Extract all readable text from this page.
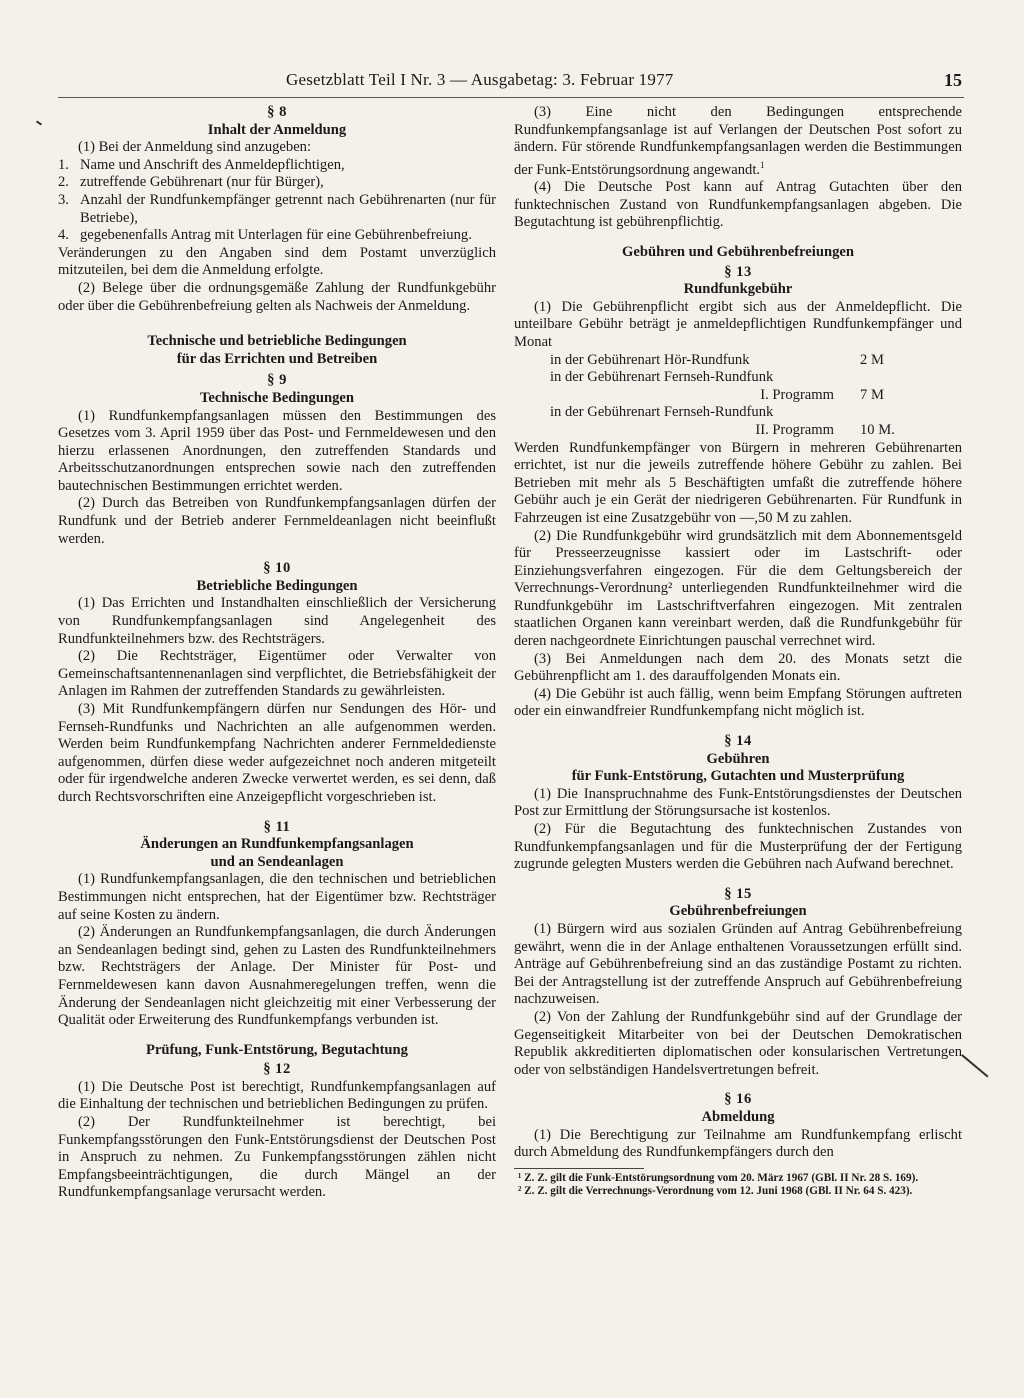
Gesetzblatt Teil I Nr. 3 — Ausgabetag: 3. Februar 1977	15
§ 8
Inhalt der Anmeldung

(1) Bei der Anmeldung sind anzugeben:

1. Name und Anschrift des Anmeldepflichtigen,
2. zutreffende Gebührenart (nur für Bürger),
3. Anzahl der Rundfunkempfänger getrennt nach Gebührenarten (nur für Betriebe),
4. gegebenenfalls Antrag mit Unterlagen für eine Gebührenbefreiung.

Veränderungen zu den Angaben sind dem Postamt unverzüglich mitzuteilen, bei dem die Anmeldung erfolgte.

(2) Belege über die ordnungsgemäße Zahlung der Rundfunkgebühr oder über die Gebührenbefreiung gelten als Nachweis der Anmeldung.

Technische und betriebliche Bedingungen
für das Errichten und Betreiben
§ 9
Technische Bedingungen

(1) Rundfunkempfangsanlagen müssen den Bestimmungen des Gesetzes vom 3. April 1959 über das Post- und Fernmeldewesen und den hierzu erlassenen Anordnungen, den zutreffenden Standards und Arbeitsschutzanordnungen entsprechen sowie nach den zutreffenden bautechnischen Bestimmungen errichtet werden.

(2) Durch das Betreiben von Rundfunkempfangsanlagen dürfen der Rundfunk und der Betrieb anderer Fernmeldeanlagen nicht beeinflußt werden.

§ 10
Betriebliche Bedingungen

(1) Das Errichten und Instandhalten einschließlich der Versicherung von Rundfunkempfangsanlagen sind Angelegenheit des Rundfunkteilnehmers bzw. des Rechtsträgers.

(2) Die Rechtsträger, Eigentümer oder Verwalter von Gemeinschaftsantennenanlagen sind verpflichtet, die Betriebsfähigkeit der Anlagen im Rahmen der zutreffenden Standards zu gewährleisten.

(3) Mit Rundfunkempfängern dürfen nur Sendungen des Hör- und Fernseh-Rundfunks und Nachrichten an alle aufgenommen werden. Werden beim Rundfunkempfang Nachrichten anderer Fernmeldedienste aufgenommen, dürfen diese weder aufgezeichnet noch anderen mitgeteilt oder für irgendwelche anderen Zwecke verwertet werden, es sei denn, daß durch Rechtsvorschriften eine Anzeigepflicht vorgeschrieben ist.

§ 11
Änderungen an Rundfunkempfangsanlagen
und an Sendeanlagen

(1) Rundfunkempfangsanlagen, die den technischen und betrieblichen Bestimmungen nicht entsprechen, hat der Eigentümer bzw. Rechtsträger auf seine Kosten zu ändern.

(2) Änderungen an Rundfunkempfangsanlagen, die durch Änderungen an Sendeanlagen bedingt sind, gehen zu Lasten des Rundfunkteilnehmers bzw. Rechtsträgers der Anlage. Der Minister für Post- und Fernmeldewesen kann davon Ausnahmeregelungen treffen, wenn die Änderung der Sendeanlagen nicht gleichzeitig mit einer Verbesserung der Qualität oder Erweiterung des Rundfunkempfangs verbunden ist.

Prüfung, Funk-Entstörung, Begutachtung
§ 12

(1) Die Deutsche Post ist berechtigt, Rundfunkempfangsanlagen auf die Einhaltung der technischen und betrieblichen Bedingungen zu prüfen.

(2) Der Rundfunkteilnehmer ist berechtigt, bei Funkempfangsstörungen den Funk-Entstörungsdienst der Deutschen Post in Anspruch zu nehmen. Zu Funkempfangsstörungen zählen nicht Empfangsbeeinträchtigungen, die durch Mängel an der Rundfunkempfangsanlage verursacht werden.

(3) Eine nicht den Bedingungen entsprechende Rundfunkempfangsanlage ist auf Verlangen der Deutschen Post sofort zu ändern. Für störende Rundfunkempfangsanlagen werden die Bestimmungen der Funk-Entstörungsordnung angewandt.$^1$

(4) Die Deutsche Post kann auf Antrag Gutachten über den funktechnischen Zustand von Rundfunkempfangsanlagen abgeben. Die Begutachtung ist gebührenpflichtig.

Gebühren und Gebührenbefreiungen
§ 13
Rundfunkgebühr

(1) Die Gebührenpflicht ergibt sich aus der Anmeldepflicht. Die unteilbare Gebühr beträgt je anmeldepflichtigen Rundfunkempfänger und Monat

in der Gebührenart Hör-Rundfunk	2 M
in der Gebührenart Fernseh-Rundfunk
I. Programm 7 M
in der Gebührenart Fernseh-Rundfunk
II. Programm 10 M.

Werden Rundfunkempfänger von Bürgern in mehreren Gebührenarten errichtet, ist nur die jeweils zutreffende höhere Gebühr zu zahlen. Bei Betrieben mit mehr als 5 Beschäftigten umfaßt die zutreffende höhere Gebühr auch je ein Gerät der niedrigeren Gebührenarten. Für Rundfunk in Fahrzeugen ist eine Zusatzgebühr von —,50 M zu zahlen.

(2) Die Rundfunkgebühr wird grundsätzlich mit dem Abonnementsgeld für Presseerzeugnisse kassiert oder im Lastschrift- oder Einziehungsverfahren eingezogen. Für die dem Geltungsbereich der Verrechnungs-Verordnung² unterliegenden Rundfunkteilnehmer wird die Rundfunkgebühr im Lastschriftverfahren eingezogen. Mit zentralen staatlichen Organen kann vereinbart werden, daß die Rundfunkgebühr für deren nachgeordnete Einrichtungen pauschal verrechnet wird.

(3) Bei Anmeldungen nach dem 20. des Monats setzt die Gebührenpflicht am 1. des darauffolgenden Monats ein.

(4) Die Gebühr ist auch fällig, wenn beim Empfang Störungen auftreten oder ein einwandfreier Rundfunkempfang nicht möglich ist.

§ 14
Gebühren
für Funk-Entstörung, Gutachten und Musterprüfung

(1) Die Inanspruchnahme des Funk-Entstörungsdienstes der Deutschen Post zur Ermittlung der Störungsursache ist kostenlos.

(2) Für die Begutachtung des funktechnischen Zustandes von Rundfunkempfangsanlagen und für die Musterprüfung der der Fertigung zugrunde gelegten Musters werden die Gebühren nach Aufwand berechnet.

§ 15
Gebührenbefreiungen

(1) Bürgern wird aus sozialen Gründen auf Antrag Gebührenbefreiung gewährt, wenn die in der Anlage enthaltenen Voraussetzungen erfüllt sind. Anträge auf Gebührenbefreiung sind an das zuständige Postamt zu richten. Bei der Antragstellung ist der zutreffende Anspruch auf Gebührenbefreiung nachzuweisen.

(2) Von der Zahlung der Rundfunkgebühr sind auf der Grundlage der Gegenseitigkeit Mitarbeiter von bei der Deutschen Demokratischen Republik akkreditierten diplomatischen oder konsularischen Vertretungen oder von selbständigen Handelsvertretungen befreit.

§ 16
Abmeldung

(1) Die Berechtigung zur Teilnahme am Rundfunkempfang erlischt durch Abmeldung des Rundfunkempfängers durch den

¹ Z. Z. gilt die Funk-Entstörungsordnung vom 20. März 1967 (GBl. II Nr. 28 S. 169).

² Z. Z. gilt die Verrechnungs-Verordnung vom 12. Juni 1968 (GBl. II Nr. 64 S. 423).
